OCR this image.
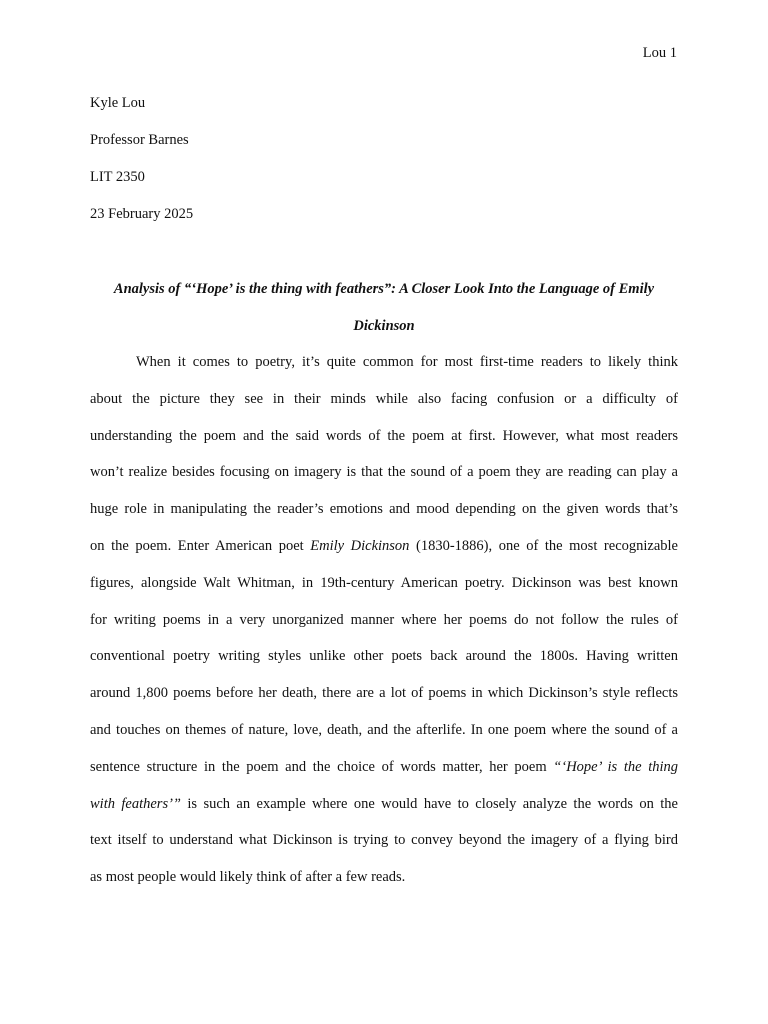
Lou 1
Kyle Lou
Professor Barnes
LIT 2350
23 February 2025
Analysis of “‘Hope’ is the thing with feathers”: A Closer Look Into the Language of Emily
Dickinson
When it comes to poetry, it’s quite common for most first-time readers to likely think
about the picture they see in their minds while also facing confusion or a difficulty of
understanding the poem and the said words of the poem at first. However, what most readers
won’t realize besides focusing on imagery is that the sound of a poem they are reading can play a
huge role in manipulating the reader’s emotions and mood depending on the given words that’s
on the poem. Enter American poet Emily Dickinson (1830-1886), one of the most recognizable
figures, alongside Walt Whitman, in 19th-century American poetry. Dickinson was best known
for writing poems in a very unorganized manner where her poems do not follow the rules of
conventional poetry writing styles unlike other poets back around the 1800s. Having written
around 1,800 poems before her death, there are a lot of poems in which Dickinson’s style reflects
and touches on themes of nature, love, death, and the afterlife. In one poem where the sound of a
sentence structure in the poem and the choice of words matter, her poem “‘Hope’ is the thing
with feathers’” is such an example where one would have to closely analyze the words on the
text itself to understand what Dickinson is trying to convey beyond the imagery of a flying bird
as most people would likely think of after a few reads.
